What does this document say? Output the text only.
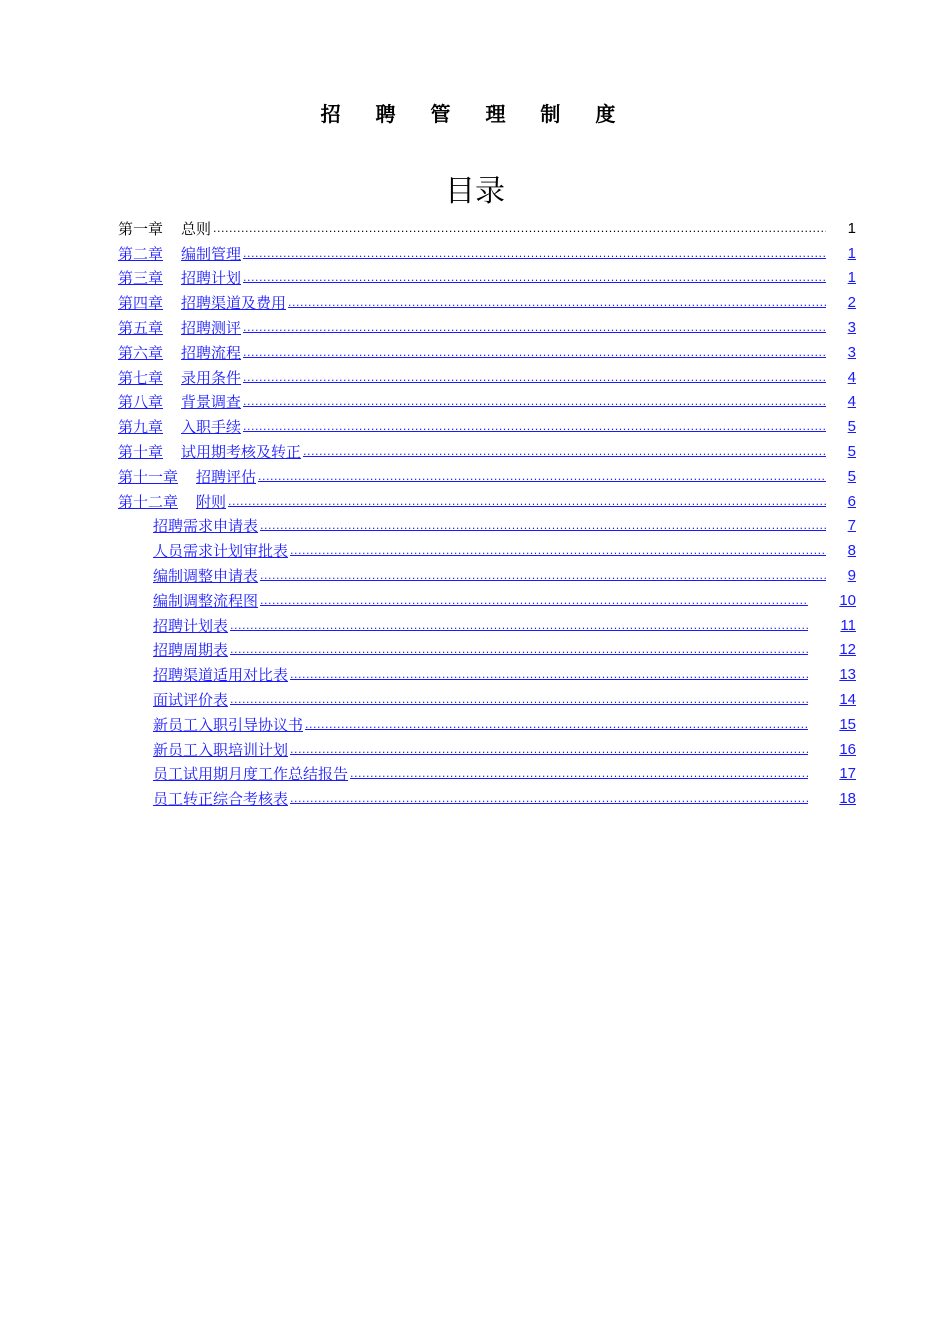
招 聘 管 理 制 度
目录
第一章 总则 .....	1
第二章 编制管理 .....	1
第三章 招聘计划 .....	1
第四章 招聘渠道及费用 .....	2
第五章 招聘测评 .....	3
第六章 招聘流程 .....	3
第七章 录用条件 .....	4
第八章 背景调查 .....	4
第九章 入职手续 .....	5
第十章 试用期考核及转正 .....	5
第十一章 招聘评估 .....	5
第十二章 附则 .....	6
招聘需求申请表 .....	7
人员需求计划审批表 .....	8
编制调整申请表 .....	9
编制调整流程图 .....	10
招聘计划表 .....	11
招聘周期表 .....	12
招聘渠道适用对比表 .....	13
面试评价表 .....	14
新员工入职引导协议书 .....	15
新员工入职培训计划 .....	16
员工试用期月度工作总结报告 .....	17
员工转正综合考核表 .....	18
